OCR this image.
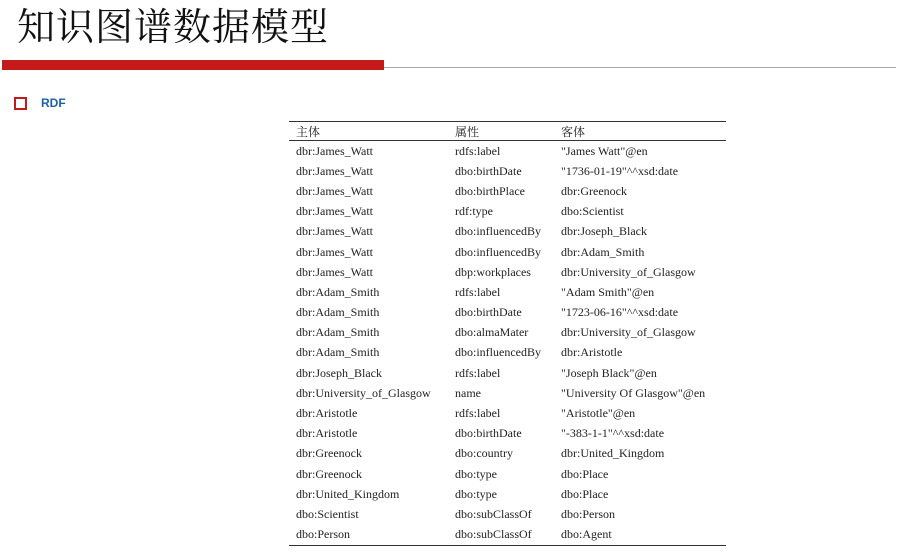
知识图谱数据模型
RDF
主体	属性	客体
dbr:James_Watt	rdfs:label	"James Watt"@en
dbr:James_Watt	dbo:birthDate	"1736-01-19"^^xsd:date
dbr:James_Watt	dbo:birthPlace	dbr:Greenock
dbr:James_Watt	rdf:type	dbo:Scientist
dbr:James_Watt	dbo:influencedBy	dbr:Joseph_Black
dbr:James_Watt	dbo:influencedBy	dbr:Adam_Smith
dbr:James_Watt	dbp:workplaces	dbr:University_of_Glasgow
dbr:Adam_Smith	rdfs:label	"Adam Smith"@en
dbr:Adam_Smith	dbo:birthDate	"1723-06-16"^^xsd:date
dbr:Adam_Smith	dbo:almaMater	dbr:University_of_Glasgow
dbr:Adam_Smith	dbo:influencedBy	dbr:Aristotle
dbr:Joseph_Black	rdfs:label	"Joseph Black"@en
dbr:University_of_Glasgow	name	"University Of Glasgow"@en
dbr:Aristotle	rdfs:label	"Aristotle"@en
dbr:Aristotle	dbo:birthDate	"-383-1-1"^^xsd:date
dbr:Greenock	dbo:country	dbr:United_Kingdom
dbr:Greenock	dbo:type	dbo:Place
dbr:United_Kingdom	dbo:type	dbo:Place
dbo:Scientist	dbo:subClassOf	dbo:Person
dbo:Person	dbo:subClassOf	dbo:Agent
